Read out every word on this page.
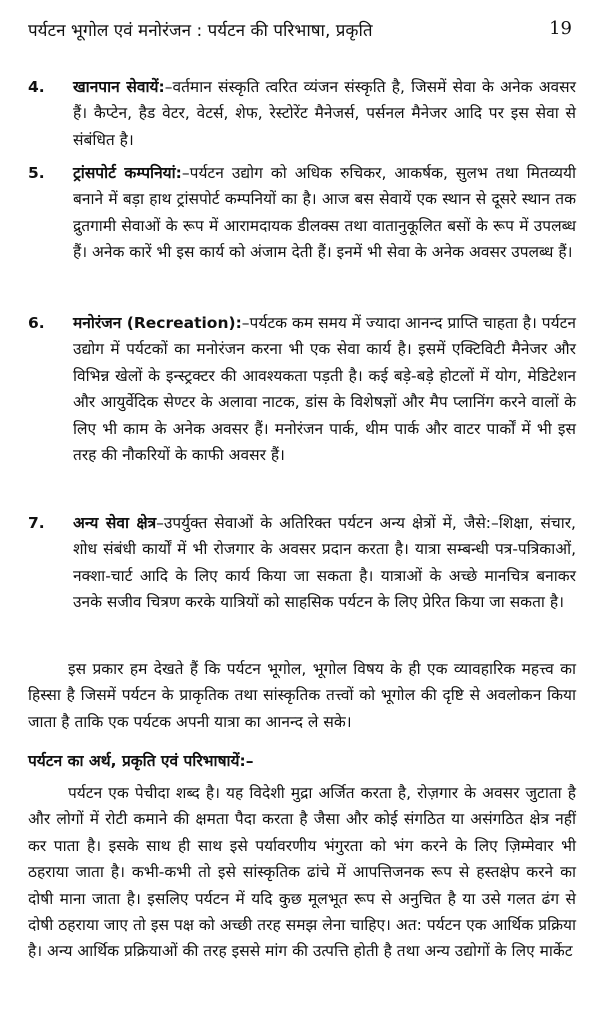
पर्यटन भूगोल एवं मनोरंजन : पर्यटन की परिभाषा, प्रकृति	19
4.	खानपान सेवायें:–वर्तमान संस्कृति त्वरित व्यंजन संस्कृति है, जिसमें सेवा के अनेक अवसर हैं। कैप्टेन, हैड वेटर, वेटर्स, शेफ, रेस्टोरेंट मैनेजर्स, पर्सनल मैनेजर आदि पर इस सेवा से संबंधित है।
5.	ट्रांसपोर्ट कम्पनियां:–पर्यटन उद्योग को अधिक रुचिकर, आकर्षक, सुलभ तथा मितव्ययी बनाने में बड़ा हाथ ट्रांसपोर्ट कम्पनियों का है। आज बस सेवायें एक स्थान से दूसरे स्थान तक द्रुतगामी सेवाओं के रूप में आरामदायक डीलक्स तथा वातानुकूलित बसों के रूप में उपलब्ध हैं। अनेक कारें भी इस कार्य को अंजाम देती हैं। इनमें भी सेवा के अनेक अवसर उपलब्ध हैं।
6.	मनोरंजन (Recreation):–पर्यटक कम समय में ज्यादा आनन्द प्राप्ति चाहता है। पर्यटन उद्योग में पर्यटकों का मनोरंजन करना भी एक सेवा कार्य है। इसमें एक्टिविटी मैनेजर और विभिन्न खेलों के इन्स्ट्रक्टर की आवश्यकता पड़ती है। कई बड़े-बड़े होटलों में योग, मेडिटेशन और आयुर्वेदिक सेण्टर के अलावा नाटक, डांस के विशेषज्ञों और मैप प्लानिंग करने वालों के लिए भी काम के अनेक अवसर हैं। मनोरंजन पार्क, थीम पार्क और वाटर पार्कों में भी इस तरह की नौकरियों के काफी अवसर हैं।
7.	अन्य सेवा क्षेत्र–उपर्युक्त सेवाओं के अतिरिक्त पर्यटन अन्य क्षेत्रों में, जैसे:–शिक्षा, संचार, शोध संबंधी कार्यों में भी रोजगार के अवसर प्रदान करता है। यात्रा सम्बन्धी पत्र-पत्रिकाओं, नक्शा-चार्ट आदि के लिए कार्य किया जा सकता है। यात्राओं के अच्छे मानचित्र बनाकर उनके सजीव चित्रण करके यात्रियों को साहसिक पर्यटन के लिए प्रेरित किया जा सकता है।
इस प्रकार हम देखते हैं कि पर्यटन भूगोल, भूगोल विषय के ही एक व्यावहारिक महत्त्व का हिस्सा है जिसमें पर्यटन के प्राकृतिक तथा सांस्कृतिक तत्त्वों को भूगोल की दृष्टि से अवलोकन किया जाता है ताकि एक पर्यटक अपनी यात्रा का आनन्द ले सके।
पर्यटन का अर्थ, प्रकृति एवं परिभाषायें:–
पर्यटन एक पेचीदा शब्द है। यह विदेशी मुद्रा अर्जित करता है, रोज़गार के अवसर जुटाता है और लोगों में रोटी कमाने की क्षमता पैदा करता है जैसा और कोई संगठित या असंगठित क्षेत्र नहीं कर पाता है। इसके साथ ही साथ इसे पर्यावरणीय भंगुरता को भंग करने के लिए ज़िम्मेवार भी ठहराया जाता है। कभी-कभी तो इसे सांस्कृतिक ढांचे में आपत्तिजनक रूप से हस्तक्षेप करने का दोषी माना जाता है। इसलिए पर्यटन में यदि कुछ मूलभूत रूप से अनुचित है या उसे गलत ढंग से दोषी ठहराया जाए तो इस पक्ष को अच्छी तरह समझ लेना चाहिए। अत: पर्यटन एक आर्थिक प्रक्रिया है। अन्य आर्थिक प्रक्रियाओं की तरह इससे मांग की उत्पत्ति होती है तथा अन्य उद्योगों के लिए मार्केट
